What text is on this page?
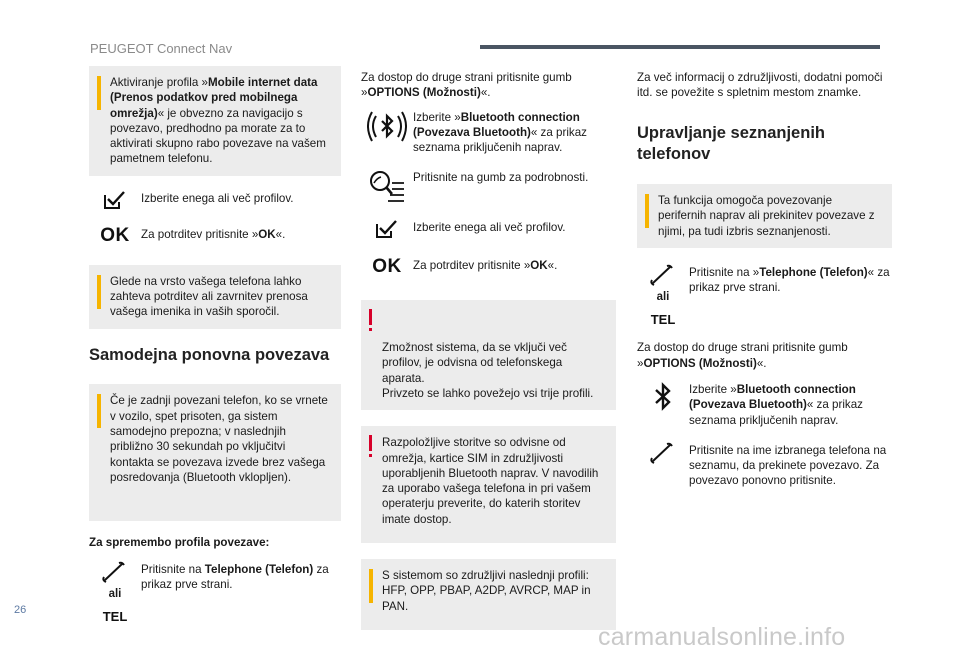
PEUGEOT Connect Nav
Aktiviranje profila »Mobile internet data (Prenos podatkov pred mobilnega omrežja)« je obvezno za navigacijo s povezavo, predhodno pa morate za to aktivirati skupno rabo povezave na vašem pametnem telefonu.
Izberite enega ali več profilov.
OK Za potrditev pritisnite »OK«.
Glede na vrsto vašega telefona lahko zahteva potrditev ali zavrnitev prenosa vašega imenika in vaših sporočil.
Samodejna ponovna povezava
Če je zadnji povezani telefon, ko se vrnete v vozilo, spet prisoten, ga sistem samodejno prepozna; v naslednjih približno 30 sekundah po vključitvi kontakta se povezava izvede brez vašega posredovanja (Bluetooth vklopljen).
Za spremembo profila povezave:
ali
TEL
Pritisnite na Telephone (Telefon) za prikaz prve strani.
Za dostop do druge strani pritisnite gumb »OPTIONS (Možnosti)«.
Izberite »Bluetooth connection (Povezava Bluetooth)« za prikaz seznama priključenih naprav.
Pritisnite na gumb za podrobnosti.
Izberite enega ali več profilov.
OK Za potrditev pritisnite »OK«.

Zmožnost sistema, da se vključi več profilov, je odvisna od telefonskega aparata.
Privzeto se lahko povežejo vsi trije profili.

Razpoložljive storitve so odvisne od omrežja, kartice SIM in združljivosti uporabljenih Bluetooth naprav. V navodilih za uporabo vašega telefona in pri vašem operaterju preverite, do katerih storitev imate dostop.
S sistemom so združljivi naslednji profili: HFP, OPP, PBAP, A2DP, AVRCP, MAP in PAN.
Za več informacij o združljivosti, dodatni pomoči itd. se povežite s spletnim mestom znamke.
Upravljanje seznanjenih telefonov
Ta funkcija omogoča povezovanje perifernih naprav ali prekinitev povezave z njimi, pa tudi izbris seznanjenosti.
ali
TEL
Pritisnite na »Telephone (Telefon)« za prikaz prve strani.
Za dostop do druge strani pritisnite gumb »OPTIONS (Možnosti)«.
Izberite »Bluetooth connection (Povezava Bluetooth)« za prikaz seznama priključenih naprav.
Pritisnite na ime izbranega telefona na seznamu, da prekinete povezavo. Za povezavo ponovno pritisnite.
26
carmanualsonline.info
